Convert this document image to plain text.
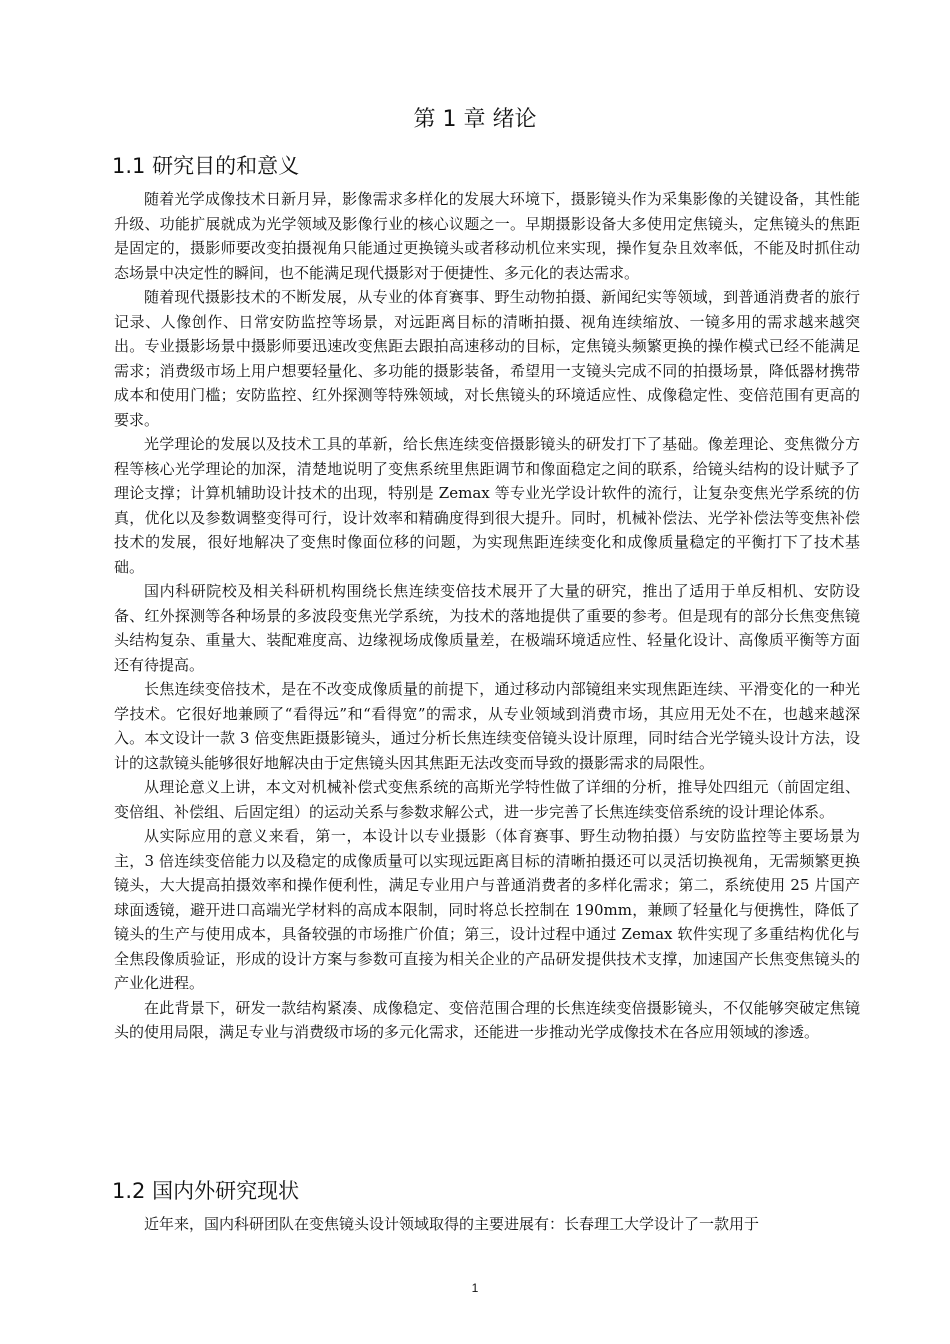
第 1 章 绪论
1.1 研究目的和意义

随着光学成像技术日新月异，影像需求多样化的发展大环境下，摄影镜头作为采集影像的关键设备，其性能升级、功能扩展就成为光学领域及影像行业的核心议题之一。早期摄影设备大多使用定焦镜头，定焦镜头的焦距是固定的，摄影师要改变拍摄视角只能通过更换镜头或者移动机位来实现，操作复杂且效率低，不能及时抓住动态场景中决定性的瞬间，也不能满足现代摄影对于便捷性、多元化的表达需求。

随着现代摄影技术的不断发展，从专业的体育赛事、野生动物拍摄、新闻纪实等领域，到普通消费者的旅行记录、人像创作、日常安防监控等场景，对远距离目标的清晰拍摄、视角连续缩放、一镜多用的需求越来越突出。专业摄影场景中摄影师要迅速改变焦距去跟拍高速移动的目标，定焦镜头频繁更换的操作模式已经不能满足需求；消费级市场上用户想要轻量化、多功能的摄影装备，希望用一支镜头完成不同的拍摄场景，降低器材携带成本和使用门槛；安防监控、红外探测等特殊领域，对长焦镜头的环境适应性、成像稳定性、变倍范围有更高的要求。

光学理论的发展以及技术工具的革新，给长焦连续变倍摄影镜头的研发打下了基础。像差理论、变焦微分方程等核心光学理论的加深，清楚地说明了变焦系统里焦距调节和像面稳定之间的联系，给镜头结构的设计赋予了理论支撑；计算机辅助设计技术的出现，特别是 Zemax 等专业光学设计软件的流行，让复杂变焦光学系统的仿真，优化以及参数调整变得可行，设计效率和精确度得到很大提升。同时，机械补偿法、光学补偿法等变焦补偿技术的发展，很好地解决了变焦时像面位移的问题，为实现焦距连续变化和成像质量稳定的平衡打下了技术基础。

国内科研院校及相关科研机构围绕长焦连续变倍技术展开了大量的研究，推出了适用于单反相机、安防设备、红外探测等各种场景的多波段变焦光学系统，为技术的落地提供了重要的参考。但是现有的部分长焦变焦镜头结构复杂、重量大、装配难度高、边缘视场成像质量差，在极端环境适应性、轻量化设计、高像质平衡等方面还有待提高。

长焦连续变倍技术，是在不改变成像质量的前提下，通过移动内部镜组来实现焦距连续、平滑变化的一种光学技术。它很好地兼顾了“看得远”和“看得宽”的需求，从专业领域到消费市场，其应用无处不在，也越来越深入。本文设计一款 3 倍变焦距摄影镜头，通过分析长焦连续变倍镜头设计原理，同时结合光学镜头设计方法，设计的这款镜头能够很好地解决由于定焦镜头因其焦距无法改变而导致的摄影需求的局限性。

从理论意义上讲，本文对机械补偿式变焦系统的高斯光学特性做了详细的分析，推导处四组元（前固定组、变倍组、补偿组、后固定组）的运动关系与参数求解公式，进一步完善了长焦连续变倍系统的设计理论体系。

从实际应用的意义来看，第一，本设计以专业摄影（体育赛事、野生动物拍摄）与安防监控等主要场景为主，3 倍连续变倍能力以及稳定的成像质量可以实现远距离目标的清晰拍摄还可以灵活切换视角，无需频繁更换镜头，大大提高拍摄效率和操作便利性，满足专业用户与普通消费者的多样化需求；第二，系统使用 25 片国产球面透镜，避开进口高端光学材料的高成本限制，同时将总长控制在 190mm，兼顾了轻量化与便携性，降低了镜头的生产与使用成本，具备较强的市场推广价值；第三，设计过程中通过 Zemax 软件实现了多重结构优化与全焦段像质验证，形成的设计方案与参数可直接为相关企业的产品研发提供技术支撑，加速国产长焦变焦镜头的产业化进程。

在此背景下，研发一款结构紧凑、成像稳定、变倍范围合理的长焦连续变倍摄影镜头，不仅能够突破定焦镜头的使用局限，满足专业与消费级市场的多元化需求，还能进一步推动光学成像技术在各应用领域的渗透。

1.2 国内外研究现状

近年来，国内科研团队在变焦镜头设计领域取得的主要进展有：长春理工大学设计了一款用于

1
